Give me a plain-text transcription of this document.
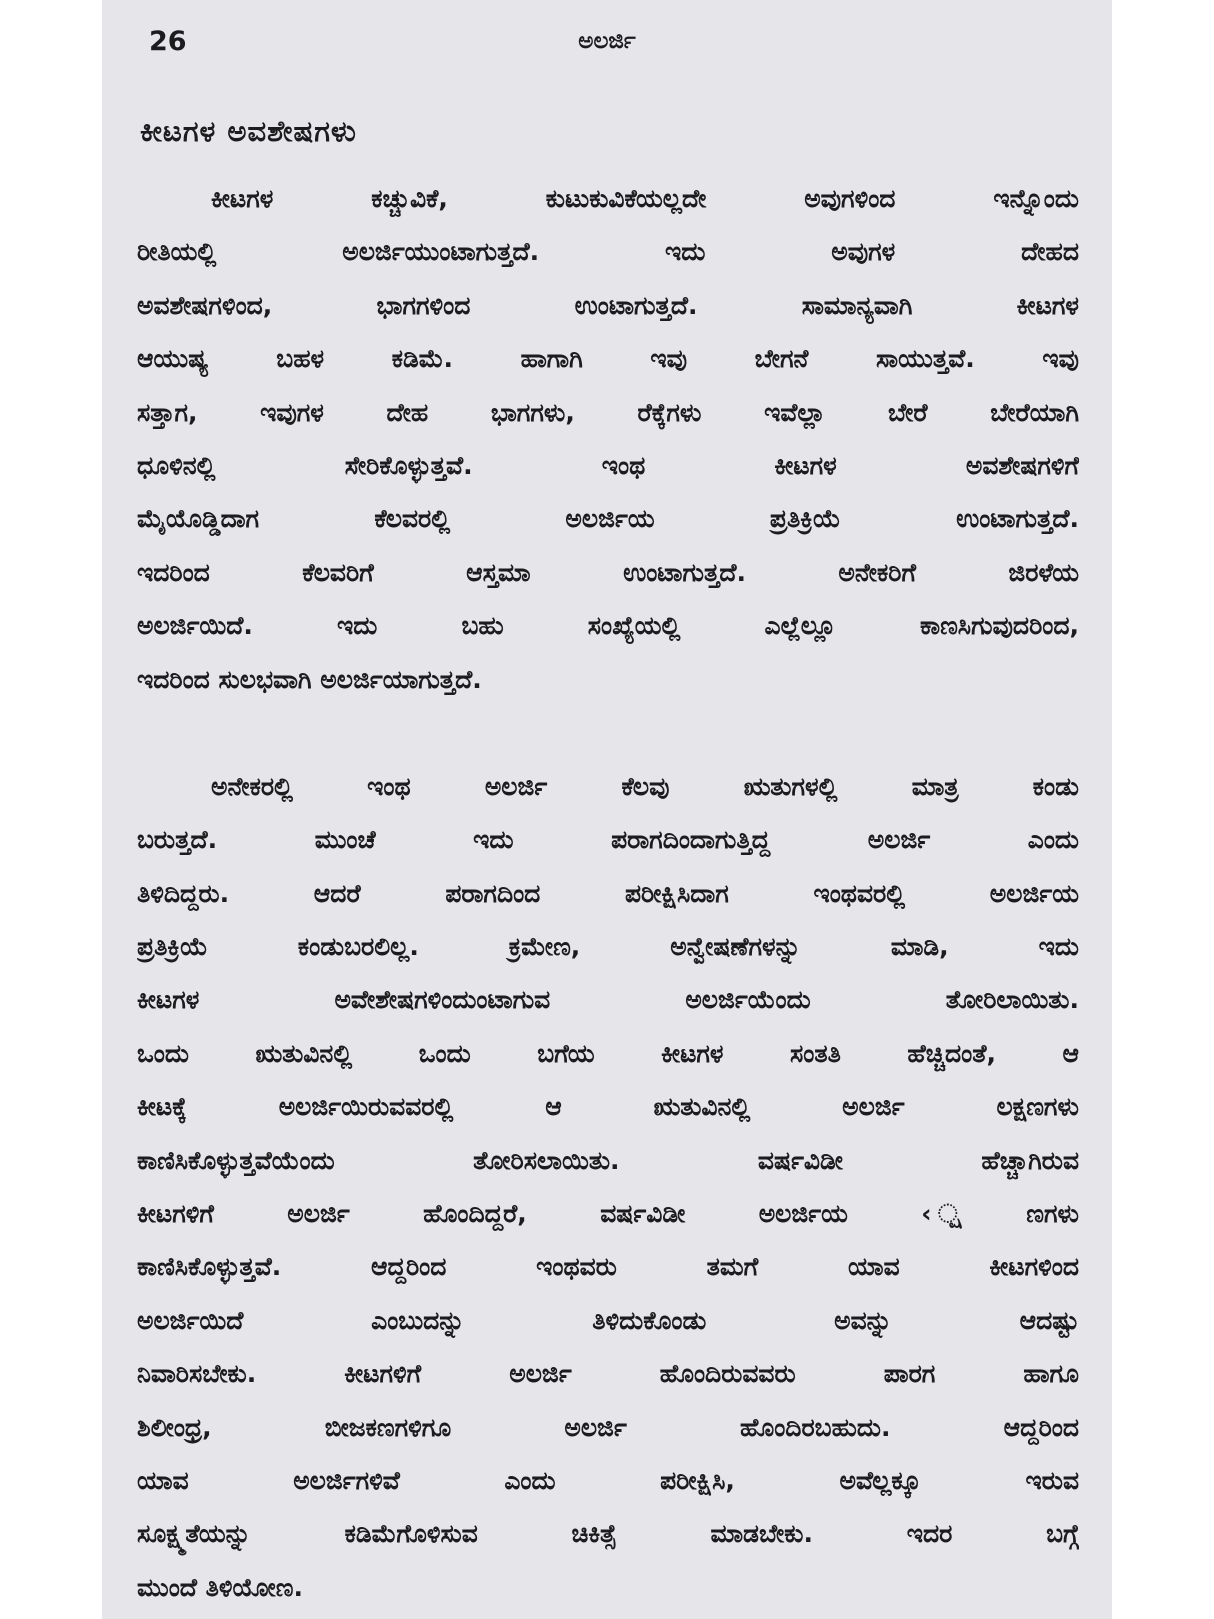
26	ಅಲರ್ಜಿ
ಕೀಟಗಳ ಅವಶೇಷಗಳು

ಕೀಟಗಳ ಕಚ್ಚುವಿಕೆ, ಕುಟುಕುವಿಕೆಯಲ್ಲದೇ ಅವುಗಳಿಂದ ಇನ್ನೊಂದು
ರೀತಿಯಲ್ಲಿ ಅಲರ್ಜಿಯುಂಟಾಗುತ್ತದೆ. ಇದು ಅವುಗಳ ದೇಹದ
ಅವಶೇಷಗಳಿಂದ, ಭಾಗಗಳಿಂದ ಉಂಟಾಗುತ್ತದೆ. ಸಾಮಾನ್ಯವಾಗಿ ಕೀಟಗಳ
ಆಯುಷ್ಯ ಬಹಳ ಕಡಿಮೆ. ಹಾಗಾಗಿ ಇವು ಬೇಗನೆ ಸಾಯುತ್ತವೆ. ಇವು
ಸತ್ತಾಗ, ಇವುಗಳ ದೇಹ ಭಾಗಗಳು, ರೆಕ್ಕೆಗಳು ಇವೆಲ್ಲಾ ಬೇರೆ ಬೇರೆಯಾಗಿ
ಧೂಳಿನಲ್ಲಿ ಸೇರಿಕೊಳ್ಳುತ್ತವೆ. ಇಂಥ ಕೀಟಗಳ ಅವಶೇಷಗಳಿಗೆ
ಮೈಯೊಡ್ಡಿದಾಗ ಕೆಲವರಲ್ಲಿ ಅಲರ್ಜಿಯ ಪ್ರತಿಕ್ರಿಯೆ ಉಂಟಾಗುತ್ತದೆ.
ಇದರಿಂದ ಕೆಲವರಿಗೆ ಆಸ್ತಮಾ ಉಂಟಾಗುತ್ತದೆ. ಅನೇಕರಿಗೆ ಜಿರಳೆಯ
ಅಲರ್ಜಿಯಿದೆ. ಇದು ಬಹು ಸಂಖ್ಯೆಯಲ್ಲಿ ಎಲ್ಲೆಲ್ಲೂ ಕಾಣಸಿಗುವುದರಿಂದ,
ಇದರಿಂದ ಸುಲಭವಾಗಿ ಅಲರ್ಜಿಯಾಗುತ್ತದೆ.

ಅನೇಕರಲ್ಲಿ ಇಂಥ ಅಲರ್ಜಿ ಕೆಲವು ಋತುಗಳಲ್ಲಿ ಮಾತ್ರ ಕಂಡು
ಬರುತ್ತದೆ. ಮುಂಚೆ ಇದು ಪರಾಗದಿಂದಾಗುತ್ತಿದ್ದ ಅಲರ್ಜಿ ಎಂದು
ತಿಳಿದಿದ್ದರು. ಆದರೆ ಪರಾಗದಿಂದ ಪರೀಕ್ಷಿಸಿದಾಗ ಇಂಥವರಲ್ಲಿ ಅಲರ್ಜಿಯ
ಪ್ರತಿಕ್ರಿಯೆ ಕಂಡುಬರಲಿಲ್ಲ. ಕ್ರಮೇಣ, ಅನ್ವೇಷಣೆಗಳನ್ನು ಮಾಡಿ, ಇದು
ಕೀಟಗಳ ಅವೇಶೇಷಗಳಿಂದುಂಟಾಗುವ ಅಲರ್ಜಿಯೆಂದು ತೋರಿ‍ಲಾಯಿತು.
ಒಂದು ಋತುವಿನಲ್ಲಿ ಒಂದು ಬಗೆಯ ಕೀಟಗಳ ಸಂತತಿ ಹೆಚ್ಚಿದಂತೆ, ಆ
ಕೀಟಕ್ಕೆ ಅಲರ್ಜಿಯಿರುವವರಲ್ಲಿ ಆ ಋತುವಿನಲ್ಲಿ ಅಲರ್ಜಿ ಲಕ್ಷಣಗಳು
ಕಾಣಿಸಿಕೊಳ್ಳುತ್ತವೆಯೆಂದು ತೋರಿಸಲಾಯಿತು. ವರ್ಷವಿಡೀ ಹೆಚ್ಚಾಗಿರುವ
ಕೀಟಗಳಿಗೆ ಅಲರ್ಜಿ ಹೊಂದಿದ್ದರೆ, ವರ್ಷವಿಡೀ ಅಲರ್ಜಿಯ ‹ ್ಷಣಗಳು
ಕಾಣಿಸಿಕೊಳ್ಳುತ್ತವೆ. ಆದ್ದರಿಂದ ಇಂಥವರು ತಮಗೆ ಯಾವ ಕೀಟಗಳಿಂದ
ಅಲರ್ಜಿಯಿದೆ ಎಂಬುದನ್ನು ತಿಳಿದುಕೊಂಡು ಅವನ್ನು ಆದಷ್ಟು
ನಿವಾರಿಸಬೇಕು. ಕೀಟಗಳಿಗೆ ಅಲರ್ಜಿ ಹೊಂದಿರುವವರು ಪಾರಗ ಹಾಗೂ
ಶಿಲೀಂಧ್ರ, ಬೀಜಕಣಗಳಿಗೂ ಅಲರ್ಜಿ ಹೊಂದಿರಬಹುದು. ಆದ್ದರಿಂದ
ಯಾವ ಅಲರ್ಜಿಗಳಿವೆ ಎಂದು ಪರೀಕ್ಷಿಸಿ, ಅವೆಲ್ಲಕ್ಕೂ ಇರುವ
ಸೂಕ್ಷ್ಮತೆಯನ್ನು ಕಡಿಮೆಗೊಳಿಸುವ ಚಿಕಿತ್ಸೆ ಮಾಡಬೇಕು. ಇದರ ಬಗ್ಗೆ
ಮುಂದೆ ತಿಳಿಯೋಣ.
